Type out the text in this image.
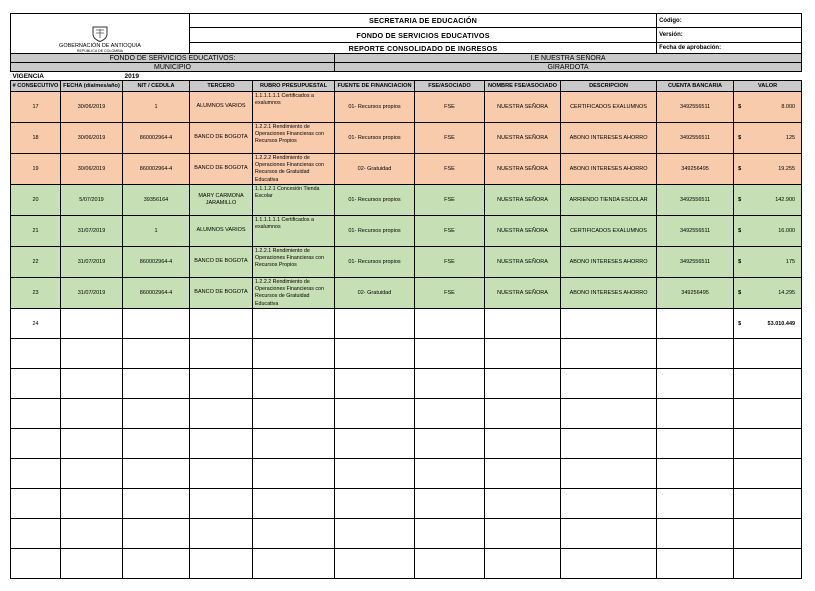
GOBERNACIÓN DE ANTIOQUIA
REPÚBLICA DE COLOMBIA			SECRETARIA DE EDUCACIÓN						Código:	
			FONDO DE SERVICIOS EDUCATIVOS						Versión:	
			REPORTE CONSOLIDADO DE INGRESOS						Fecha de aprobación:	
FONDO DE SERVICIOS EDUCATIVOS:					I.E NUESTRA SEÑORA					
MUNICIPIO					GIRARDOTA					
VIGENCIA		2019								
# CONSECUTIVO	FECHA (dia/mes/año)	NIT / CEDULA	TERCERO	RUBRO PRESUPUESTAL	FUENTE DE FINANCIACION	FSE/ASOCIADO	NOMBRE FSE/ASOCIADO	DESCRIPCION	CUENTA BANCARIA	VALOR
17	30/06/2019	1	ALUMNOS VARIOS	1.1.1.1.1.1 Certificados a exalumnos	01- Recursos propios	FSE	NUESTRA SEÑORA	CERTIFICADOS EXALUMNOS	3492556511	$ 8.000
18	30/06/2019	860002964-4	BANCO DE BOGOTA	1.2.2.1 Rendimiento de Operaciones Financieras con Recursos Propios	01- Recursos propios	FSE	NUESTRA SEÑORA	ABONO INTERESES AHORRO	3492556511	$ 125
19	30/06/2019	860002964-4	BANCO DE BOGOTA	1.2.2.2 Rendimiento de Operaciones Financieras con Recursos de Gratuidad Educativa	02- Gratuidad	FSE	NUESTRA SEÑORA	ABONO INTERESES AHORRO	349256495	$ 19.255
20	5/07/2019	39356164	MARY CARMONA JARAMILLO	1.1.1.2.1 Concesión Tienda Escolar	01- Recursos propios	FSE	NUESTRA SEÑORA	ARRIENDO TIENDA ESCOLAR	3492556511	$ 142.900
21	31/07/2019	1	ALUMNOS VARIOS	1.1.1.1.1.1 Certificados a exalumnos	01- Recursos propios	FSE	NUESTRA SEÑORA	CERTIFICADOS EXALUMNOS	3492556511	$ 16.000
22	31/07/2019	860002964-4	BANCO DE BOGOTA	1.2.2.1 Rendimiento de Operaciones Financieras con Recursos Propios	01- Recursos propios	FSE	NUESTRA SEÑORA	ABONO INTERESES AHORRO	3492556511	$ 175
23	31/07/2019	860002964-4	BANCO DE BOGOTA	1.2.2.2 Rendimiento de Operaciones Financieras con Recursos de Gratuidad Educativa	02- Gratuidad	FSE	NUESTRA SEÑORA	ABONO INTERESES AHORRO	349256495	$ 14.295
24										$ 53.010.449
